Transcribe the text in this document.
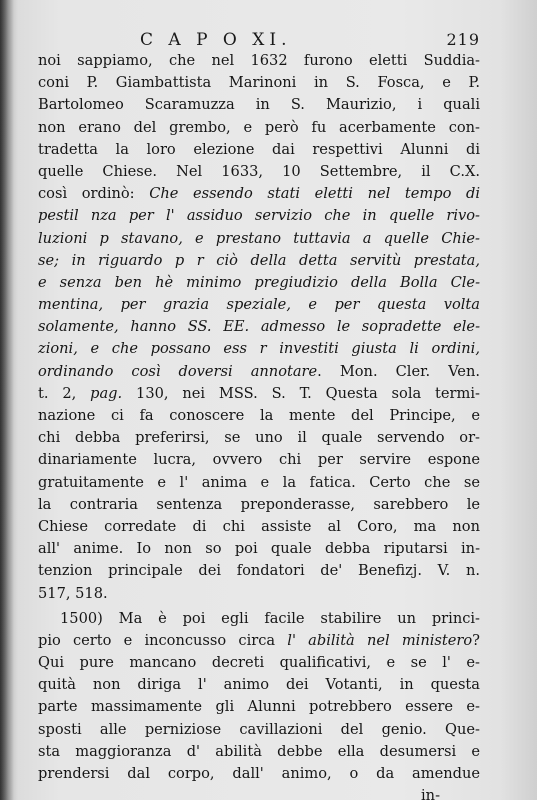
C A P O XI.	219
noi sappiamo, che nel 1632 furono eletti Suddia-
coni P. Giambattista Marinoni in S. Fosca, e P.
Bartolomeo Scaramuzza in S. Maurizio, i quali
non erano del grembo, e però fu acerbamente con-
tradetta la loro elezione dai respettivi Alunni di
quelle Chiese. Nel 1633, 10 Settembre, il C.X.
così ordinò: Che essendo stati eletti nel tempo di
pestil nza per l' assiduo servizio che in quelle rivo-
luzioni p stavano, e prestano tuttavia a quelle Chie-
se; in riguardo p r ciò della detta servitù prestata,
e senza ben hè minimo pregiudizio della Bolla Cle-
mentina, per grazia speziale, e per questa volta
solamente, hanno SS. EE. admesso le sopradette ele-
zioni, e che possano ess r investiti giusta li ordini,
ordinando così doversi annotare. Mon. Cler. Ven.
t. 2, pag. 130, nei MSS. S. T. Questa sola termi-
nazione ci fa conoscere la mente del Principe, e
chi debba preferirsi, se uno il quale servendo or-
dinariamente lucra, ovvero chi per servire espone
gratuitamente e l' anima e la fatica. Certo che se
la contraria sentenza preponderasse, sarebbero le
Chiese corredate di chi assiste al Coro, ma non
all' anime. Io non so poi quale debba riputarsi in-
tenzion principale dei fondatori de' Benefizj. V. n.
517, 518.
1500) Ma è poi egli facile stabilire un princi-
pio certo e inconcusso circa l' abilità nel ministero?
Qui pure mancano decreti qualificativi, e se l' e-
quità non diriga l' animo dei Votanti, in questa
parte massimamente gli Alunni potrebbero essere e-
sposti alle perniziose cavillazioni del genio. Que-
sta maggioranza d' abilità debbe ella desumersi e
prendersi dal corpo, dall' animo, o da amendue
in-
